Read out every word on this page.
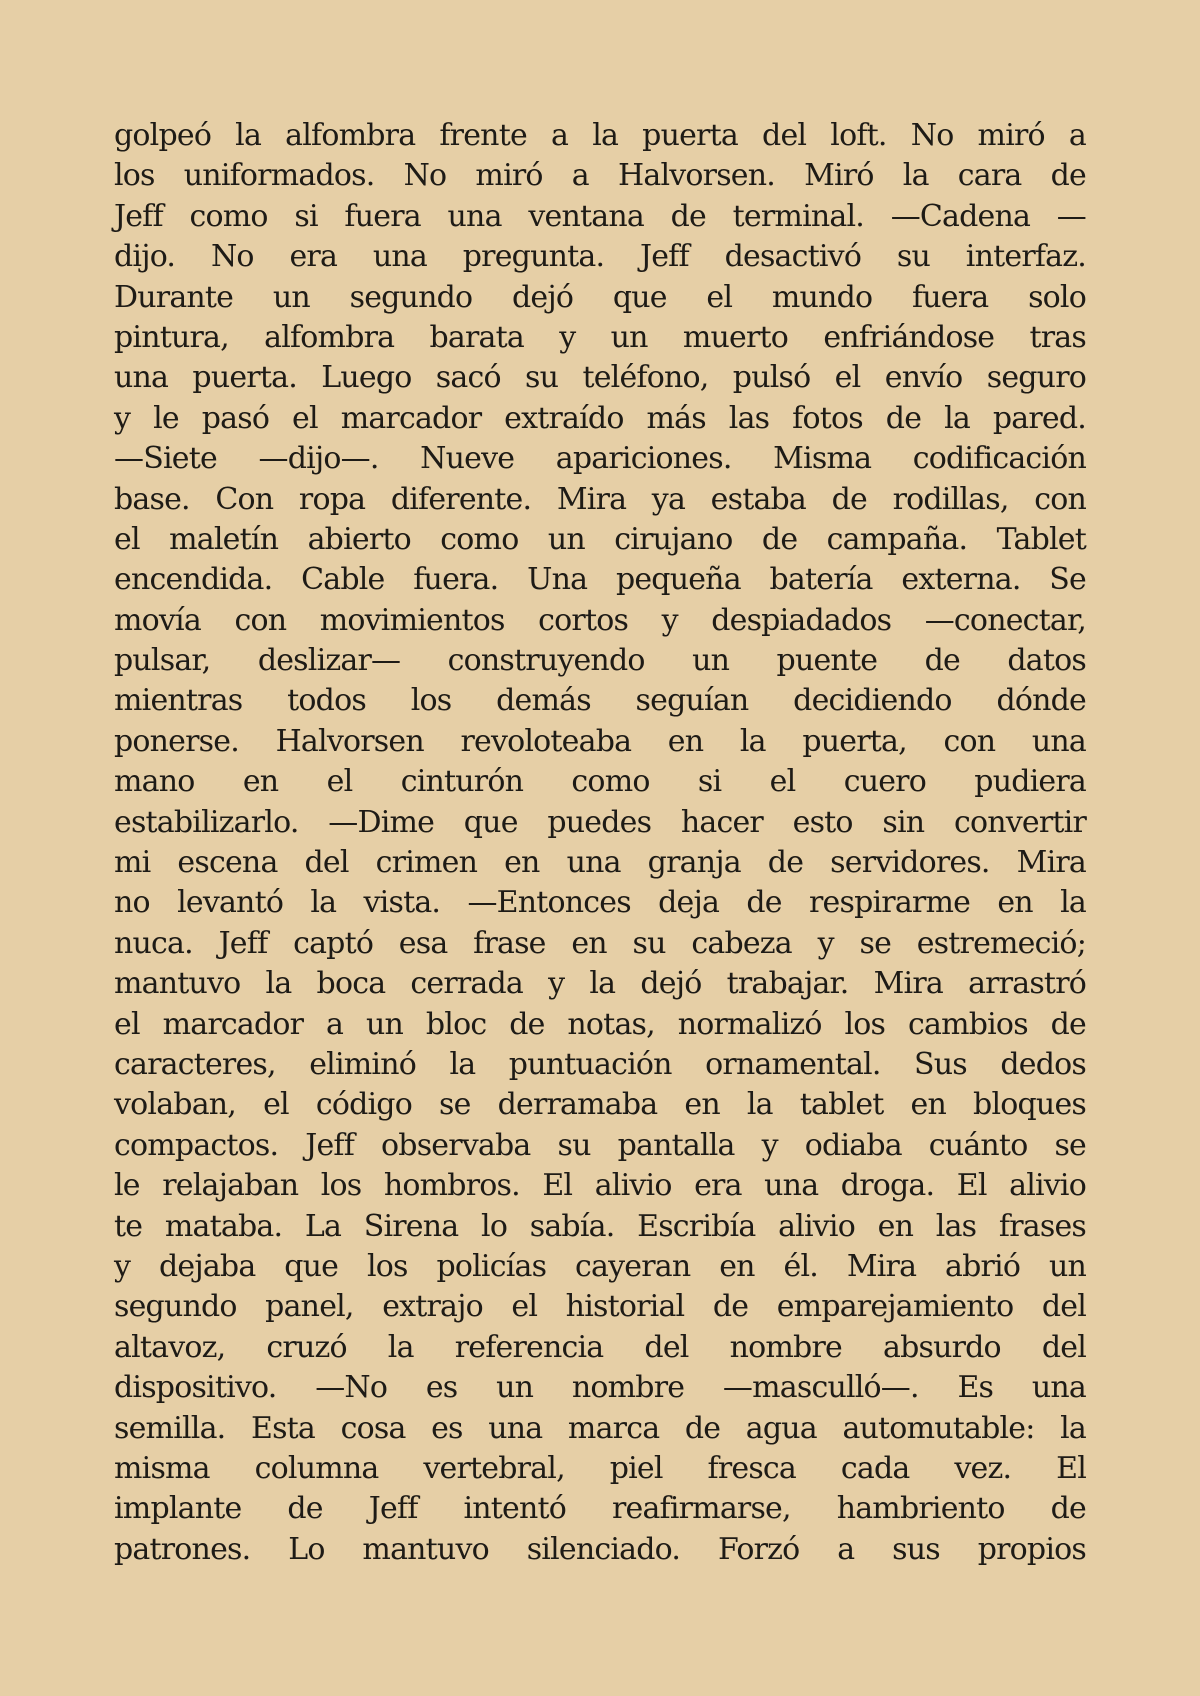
golpeó la alfombra frente a la puerta del loft. No miró a
los uniformados. No miró a Halvorsen. Miró la cara de
Jeff como si fuera una ventana de terminal. —Cadena —
dijo. No era una pregunta. Jeff desactivó su interfaz.
Durante un segundo dejó que el mundo fuera solo
pintura, alfombra barata y un muerto enfriándose tras
una puerta. Luego sacó su teléfono, pulsó el envío seguro
y le pasó el marcador extraído más las fotos de la pared.
—Siete —dijo—. Nueve apariciones. Misma codificación
base. Con ropa diferente. Mira ya estaba de rodillas, con
el maletín abierto como un cirujano de campaña. Tablet
encendida. Cable fuera. Una pequeña batería externa. Se
movía con movimientos cortos y despiadados —conectar,
pulsar, deslizar— construyendo un puente de datos
mientras todos los demás seguían decidiendo dónde
ponerse. Halvorsen revoloteaba en la puerta, con una
mano en el cinturón como si el cuero pudiera
estabilizarlo. —Dime que puedes hacer esto sin convertir
mi escena del crimen en una granja de servidores. Mira
no levantó la vista. —Entonces deja de respirarme en la
nuca. Jeff captó esa frase en su cabeza y se estremeció;
mantuvo la boca cerrada y la dejó trabajar. Mira arrastró
el marcador a un bloc de notas, normalizó los cambios de
caracteres, eliminó la puntuación ornamental. Sus dedos
volaban, el código se derramaba en la tablet en bloques
compactos. Jeff observaba su pantalla y odiaba cuánto se
le relajaban los hombros. El alivio era una droga. El alivio
te mataba. La Sirena lo sabía. Escribía alivio en las frases
y dejaba que los policías cayeran en él. Mira abrió un
segundo panel, extrajo el historial de emparejamiento del
altavoz, cruzó la referencia del nombre absurdo del
dispositivo. —No es un nombre —masculló—. Es una
semilla. Esta cosa es una marca de agua automutable: la
misma columna vertebral, piel fresca cada vez. El
implante de Jeff intentó reafirmarse, hambriento de
patrones. Lo mantuvo silenciado. Forzó a sus propios
